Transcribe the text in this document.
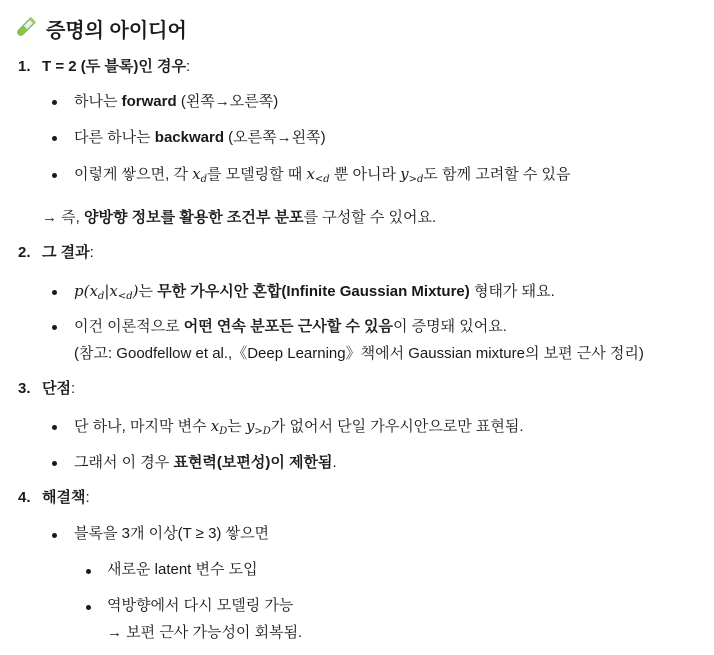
증명의 아이디어
1. T = 2 (두 블록)인 경우:
하나는 forward (왼쪽→오른쪽)
다른 하나는 backward (오른쪽→왼쪽)
이렇게 쌓으면, 각 $x_d$를 모델링할 때 $x_{<d}$ 뿐 아니라 $y_{>d}$도 함께 고려할 수 있음
→ 즉, 양방향 정보를 활용한 조건부 분포를 구성할 수 있어요.
2. 그 결과:
$p(x_d|x_{<d})$는 무한 가우시안 혼합(Infinite Gaussian Mixture) 형태가 돼요.
이건 이론적으로 어떤 연속 분포든 근사할 수 있음이 증명돼 있어요.
(참고: Goodfellow et al.,《Deep Learning》책에서 Gaussian mixture의 보편 근사 정리)
3. 단점:
단 하나, 마지막 변수 $x_D$는 $y_{>D}$가 없어서 단일 가우시안으로만 표현됨.
그래서 이 경우 표현력(보편성)이 제한됨.
4. 해결책:
블록을 3개 이상(T ≥ 3) 쌓으면
새로운 latent 변수 도입
역방향에서 다시 모델링 가능
→ 보편 근사 가능성이 회복됨.
